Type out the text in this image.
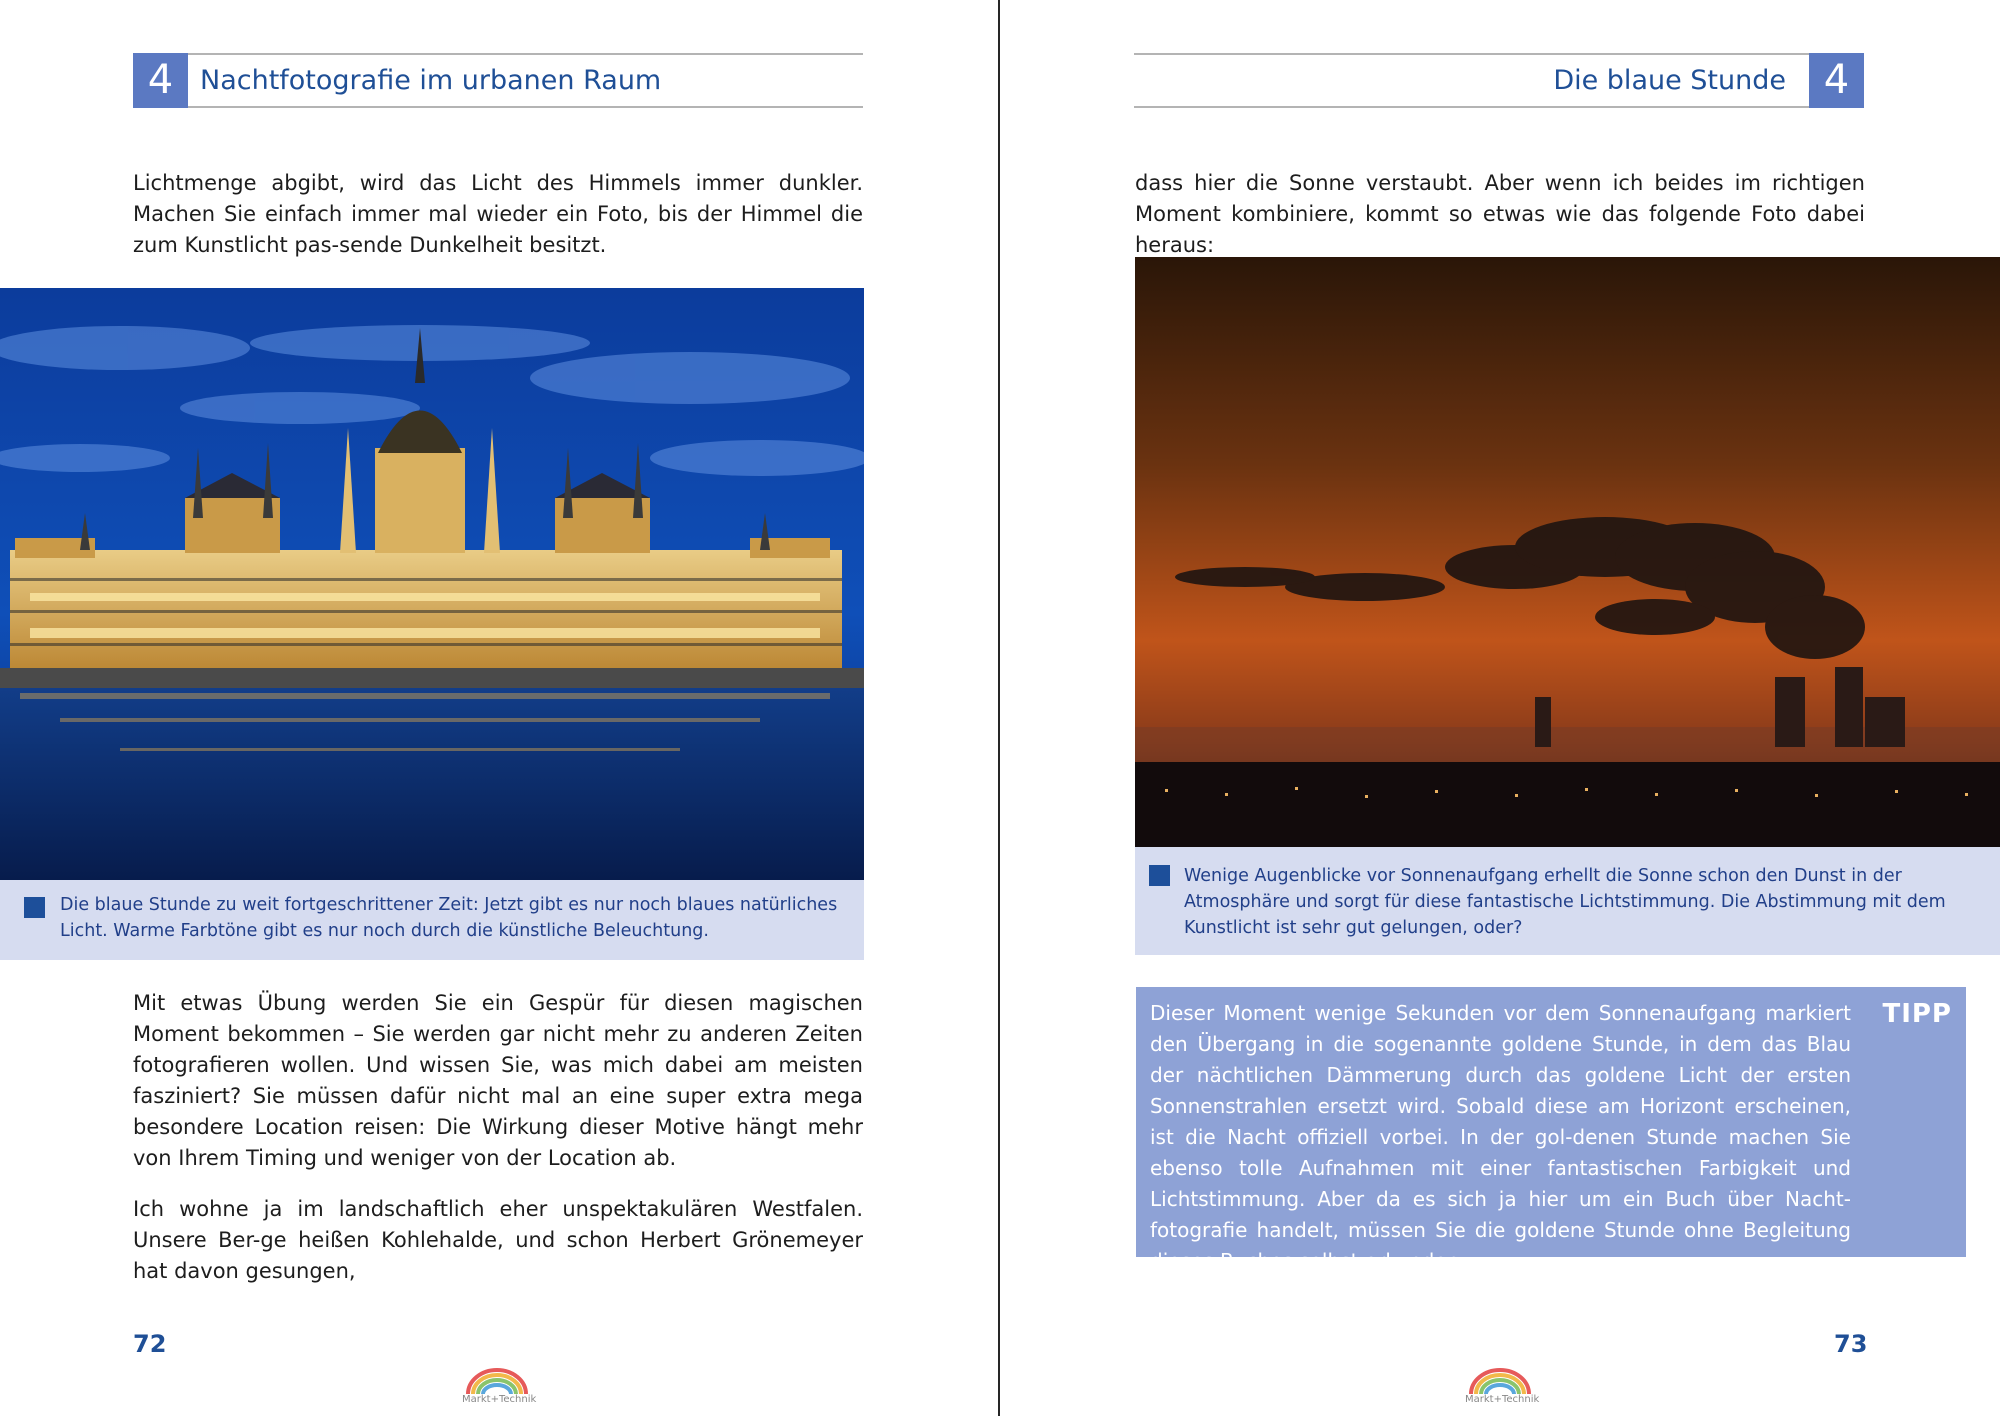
4 Nachtfotografie im urbanen Raum

Lichtmenge abgibt, wird das Licht des Himmels immer dunkler. Machen Sie einfach immer mal wieder ein Foto, bis der Himmel die zum Kunstlicht pas-sende Dunkelheit besitzt.

Die blaue Stunde zu weit fortgeschrittener Zeit: Jetzt gibt es nur noch blaues natürliches Licht. Warme Farbtöne gibt es nur noch durch die künstliche Beleuchtung.

Mit etwas Übung werden Sie ein Gespür für diesen magischen Moment bekommen – Sie werden gar nicht mehr zu anderen Zeiten fotografieren wollen. Und wissen Sie, was mich dabei am meisten fasziniert? Sie müssen dafür nicht mal an eine super extra mega besondere Location reisen: Die Wirkung dieser Motive hängt mehr von Ihrem Timing und weniger von der Location ab.

Ich wohne ja im landschaftlich eher unspektakulären Westfalen. Unsere Ber-ge heißen Kohlehalde, und schon Herbert Grönemeyer hat davon gesungen,

72
Markt+Technik
Die blaue Stunde 4

dass hier die Sonne verstaubt. Aber wenn ich beides im richtigen Moment kombiniere, kommt so etwas wie das folgende Foto dabei heraus:

Wenige Augenblicke vor Sonnenaufgang erhellt die Sonne schon den Dunst in der Atmosphäre und sorgt für diese fantastische Lichtstimmung. Die Abstimmung mit dem Kunstlicht ist sehr gut gelungen, oder?
TIPP
Dieser Moment wenige Sekunden vor dem Sonnenaufgang markiert den Übergang in die sogenannte goldene Stunde, in dem das Blau der nächtlichen Dämmerung durch das goldene Licht der ersten Sonnenstrahlen ersetzt wird. Sobald diese am Horizont erscheinen, ist die Nacht offiziell vorbei. In der gol-denen Stunde machen Sie ebenso tolle Aufnahmen mit einer fantastischen Farbigkeit und Lichtstimmung. Aber da es sich ja hier um ein Buch über Nacht-fotografie handelt, müssen Sie die goldene Stunde ohne Begleitung dieses Buches selbst erkunden.
73
Markt+Technik
